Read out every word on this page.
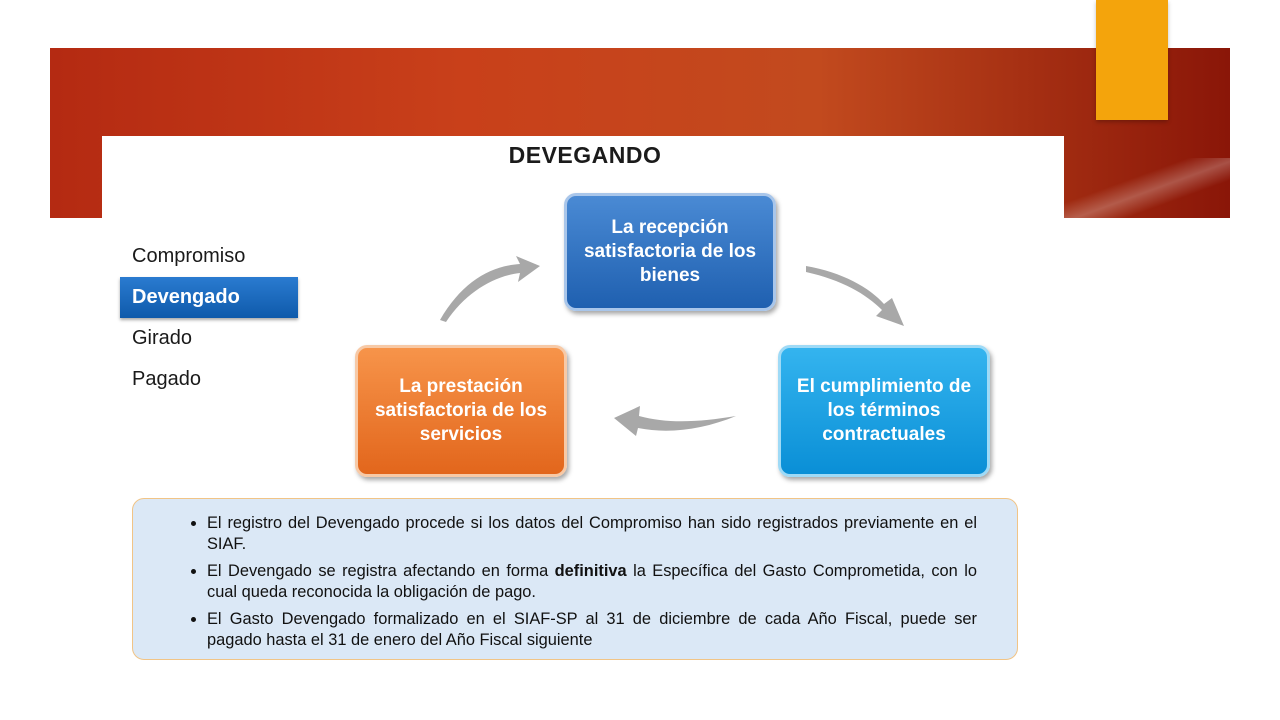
DEVEGANDO
Compromiso
Devengado
Girado
Pagado
La recepción satisfactoria de los bienes
El cumplimiento de los términos contractuales
La prestación satisfactoria de los servicios
• El registro del Devengado procede si los datos del Compromiso han sido registrados previamente en el SIAF.
• El Devengado se registra afectando en forma definitiva la Específica del Gasto Comprometida, con lo cual queda reconocida la obligación de pago.
• El Gasto Devengado formalizado en el SIAF-SP al 31 de diciembre de cada Año Fiscal, puede ser pagado hasta el 31 de enero del Año Fiscal siguiente
